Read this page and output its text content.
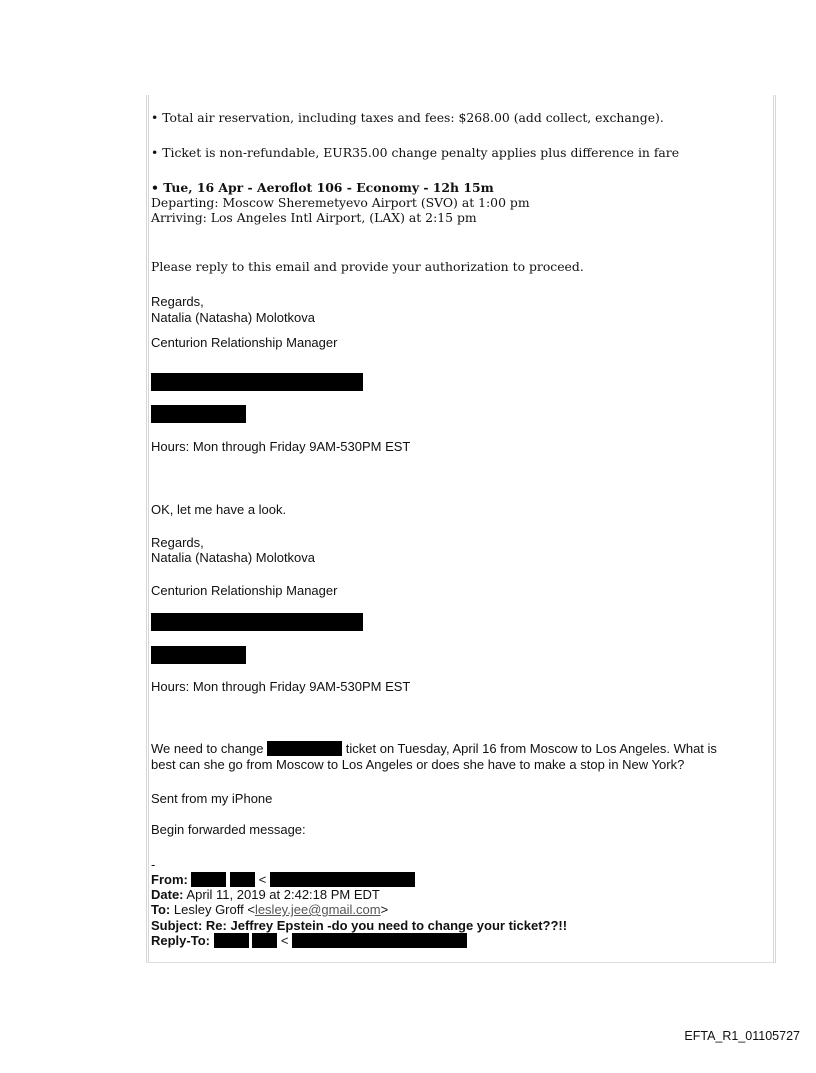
• Total air reservation, including taxes and fees: $268.00 (add collect, exchange).
• Ticket is non-refundable, EUR35.00 change penalty applies plus difference in fare
• Tue, 16 Apr - Aeroflot 106 - Economy - 12h 15m
Departing: Moscow Sheremetyevo Airport (SVO) at 1:00 pm
Arriving: Los Angeles Intl Airport, (LAX) at 2:15 pm
Please reply to this email and provide your authorization to proceed.
Regards,
Natalia (Natasha) Molotkova
Centurion Relationship Manager
Hours: Mon through Friday 9AM-530PM EST
OK, let me have a look.
Regards,
Natalia (Natasha) Molotkova
Centurion Relationship Manager
Hours: Mon through Friday 9AM-530PM EST
We need to change	ticket on Tuesday, April 16 from Moscow to Los Angeles. What is
best can she go from Moscow to Los Angeles or does she have to make a stop in New York?
Sent from my iPhone
Begin forwarded message:
-
From:	<
Date: April 11, 2019 at 2:42:18 PM EDT
To: Lesley Groff <lesley.jee@gmail.com>
Subject: Re: Jeffrey Epstein -do you need to change your ticket??!!
Reply-To:	<
EFTA_R1_01105727
